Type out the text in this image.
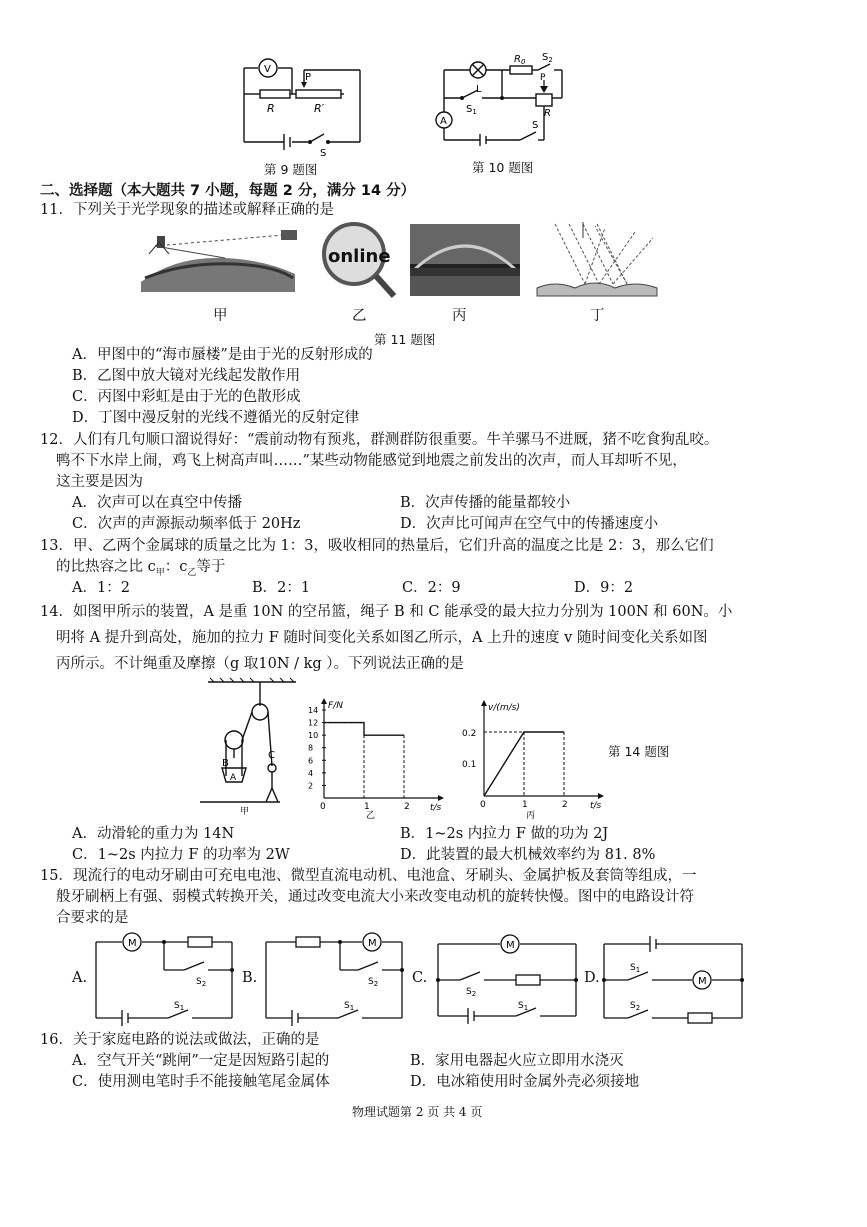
V
R	R′
P
S
第 9 题图
$R_0$ $S_2$
L
$S_1$
A
P
R
S
第 10 题图
二、选择题（本大题共 7 小题，每题 2 分，满分 14 分）
11．下列关于光学现象的描述或解释正确的是
online
甲	乙	丙	丁
第 11 题图
A．甲图中的“海市蜃楼”是由于光的反射形成的
B．乙图中放大镜对光线起发散作用
C．丙图中彩虹是由于光的色散形成
D．丁图中漫反射的光线不遵循光的反射定律
12．人们有几句顺口溜说得好：“震前动物有预兆，群测群防很重要。牛羊骡马不进厩，猪不吃食狗乱咬。
鸭不下水岸上闹，鸡飞上树高声叫……”某些动物能感觉到地震之前发出的次声，而人耳却听不见，
这主要是因为
A．次声可以在真空中传播	B．次声传播的能量都较小
C．次声的声源振动频率低于 20Hz	D．次声比可闻声在空气中的传播速度小
13．甲、乙两个金属球的质量之比为 1：3，吸收相同的热量后，它们升高的温度之比是 2：3，那么它们
的比热容之比 $c_甲$：$c_乙$等于
A．1：2	B．2：1	C．2：9	D．9：2
14．如图甲所示的装置，A 是重 10N 的空吊篮，绳子 B 和 C 能承受的最大拉力分别为 100N 和 60N。小
明将 A 提升到高处，施加的拉力 F 随时间变化关系如图乙所示，A 上升的速度 v 随时间变化关系如图
丙所示。不计绳重及摩擦（g 取10N / kg ）。下列说法正确的是
B
C
A
甲
2
4
6
8
10
12
14 F/N
t/s
0	1	2
乙
0.2
0.1
v/(m/s)
t/s
0	1	2
丙
第 14 题图
A．动滑轮的重力为 14N	B．1~2s 内拉力 F 做的功为 2J
C．1~2s 内拉力 F 的功率为 2W	D．此装置的最大机械效率约为 81. 8%
15．现流行的电动牙刷由可充电电池、微型直流电动机、电池盒、牙刷头、金属护板及套筒等组成，一
般牙刷柄上有强、弱模式转换开关，通过改变电流大小来改变电动机的旋转快慢。图中的电路设计符
合要求的是
A.	B.	C.	D.
M
$S_2$
$S_1$
M
$S_2$
$S_1$
M
$S_2$
$S_1$
M
$S_1$
$S_2$
16．关于家庭电路的说法或做法，正确的是
A．空气开关“跳闸”一定是因短路引起的	B．家用电器起火应立即用水浇灭
C．使用测电笔时手不能接触笔尾金属体	D．电冰箱使用时金属外壳必须接地
物理试题第 2 页 共 4 页
